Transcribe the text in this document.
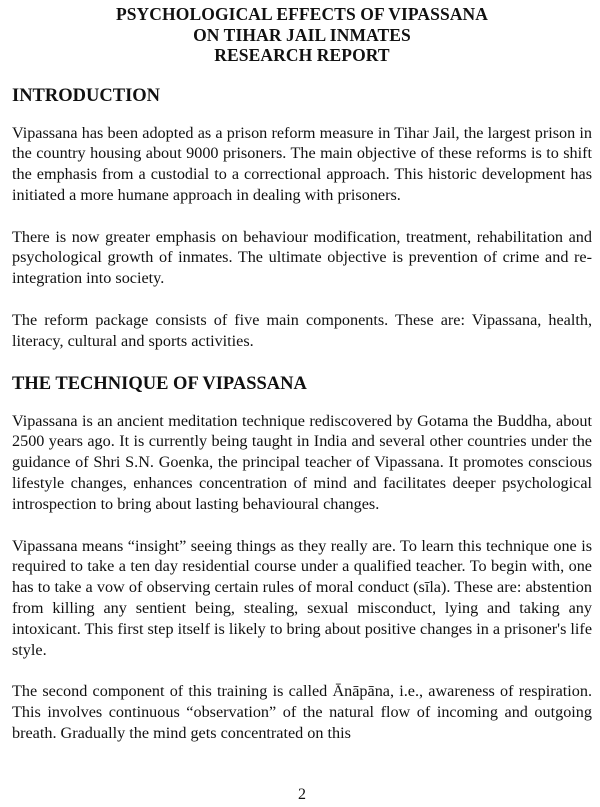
PSYCHOLOGICAL EFFECTS OF VIPASSANA
ON TIHAR JAIL INMATES
RESEARCH REPORT
INTRODUCTION

Vipassana has been adopted as a prison reform measure in Tihar Jail, the largest prison in the country housing about 9000 prisoners. The main objective of these reforms is to shift the emphasis from a custodial to a correctional approach. This historic development has initiated a more humane approach in dealing with prisoners.

There is now greater emphasis on behaviour modification, treatment, rehabilitation and psychological growth of inmates. The ultimate objective is prevention of crime and re-integration into society.

The reform package consists of five main components. These are: Vipassana, health, literacy, cultural and sports activities.

THE TECHNIQUE OF VIPASSANA

Vipassana is an ancient meditation technique rediscovered by Gotama the Buddha, about 2500 years ago. It is currently being taught in India and several other countries under the guidance of Shri S.N. Goenka, the principal teacher of Vipassana. It promotes conscious lifestyle changes, enhances concentration of mind and facilitates deeper psychological introspection to bring about lasting behavioural changes.

Vipassana means “insight” seeing things as they really are. To learn this technique one is required to take a ten day residential course under a qualified teacher. To begin with, one has to take a vow of observing certain rules of moral conduct (sīla). These are: abstention from killing any sentient being, stealing, sexual misconduct, lying and taking any intoxicant. This first step itself is likely to bring about positive changes in a prisoner's life style.

The second component of this training is called Ānāpāna, i.e., awareness of respiration. This involves continuous “observation” of the natural flow of incoming and outgoing breath. Gradually the mind gets concentrated on this

2
